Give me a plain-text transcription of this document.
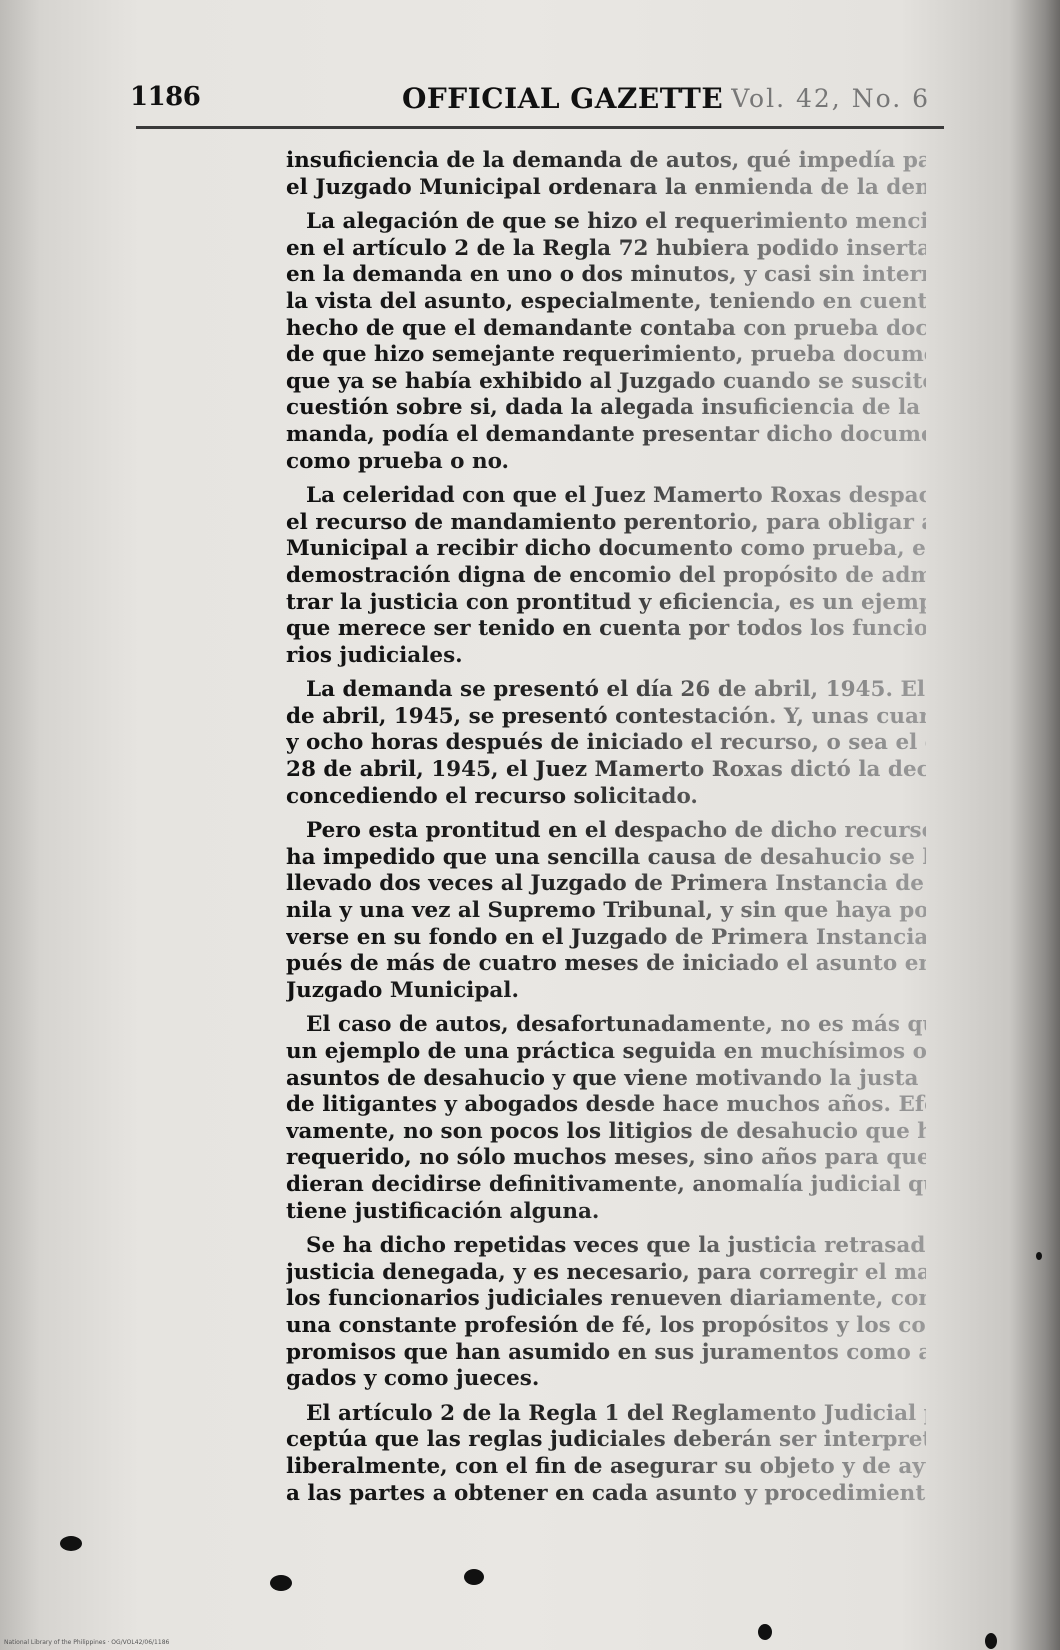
1186	OFFICIAL GAZETTE Vol. 42, No. 6
insuficiencia de la demanda de autos, qué impedía para que
el Juzgado Municipal ordenara la enmienda de la demanda?
La alegación de que se hizo el requerimiento mencionado
en el artículo 2 de la Regla 72 hubiera podido insertarse
en la demanda en uno o dos minutos, y casi sin interrumpir
la vista del asunto, especialmente, teniendo en cuenta el
hecho de que el demandante contaba con prueba documental
de que hizo semejante requerimiento, prueba documental
que ya se había exhibido al Juzgado cuando se suscitó la
cuestión sobre si, dada la alegada insuficiencia de la de-
manda, podía el demandante presentar dicho documento
como prueba o no.
La celeridad con que el Juez Mamerto Roxas despachó
el recurso de mandamiento perentorio, para obligar al Juez
Municipal a recibir dicho documento como prueba, es una
demostración digna de encomio del propósito de adminis-
trar la justicia con prontitud y eficiencia, es un ejemplo
que merece ser tenido en cuenta por todos los funciona-
rios judiciales.
La demanda se presentó el día 26 de abril, 1945. El 27
de abril, 1945, se presentó contestación. Y, unas cuarenta
y ocho horas después de iniciado el recurso, o sea el día
28 de abril, 1945, el Juez Mamerto Roxas dictó la decisión,
concediendo el recurso solicitado.
Pero esta prontitud en el despacho de dicho recurso no
ha impedido que una sencilla causa de desahucio se haya
llevado dos veces al Juzgado de Primera Instancia de Ma-
nila y una vez al Supremo Tribunal, y sin que haya podido
verse en su fondo en el Juzgado de Primera Instancia des-
pués de más de cuatro meses de iniciado el asunto en el
Juzgado Municipal.
El caso de autos, desafortunadamente, no es más que
un ejemplo de una práctica seguida en muchísimos otros
asuntos de desahucio y que viene motivando la justa queja
de litigantes y abogados desde hace muchos años. Efecti-
vamente, no son pocos los litigios de desahucio que han
requerido, no sólo muchos meses, sino años para que pu-
dieran decidirse definitivamente, anomalía judicial que no
tiene justificación alguna.
Se ha dicho repetidas veces que la justicia retrasada es
justicia denegada, y es necesario, para corregir el mal, que
los funcionarios judiciales renueven diariamente, como
una constante profesión de fé, los propósitos y los com-
promisos que han asumido en sus juramentos como abo-
gados y como jueces.
El artículo 2 de la Regla 1 del Reglamento Judicial pre-
ceptúa que las reglas judiciales deberán ser interpretadas
liberalmente, con el fin de asegurar su objeto y de ayudar
a las partes a obtener en cada asunto y procedimiento una
National Library of the Philippines · OG/VOL42/06/1186
